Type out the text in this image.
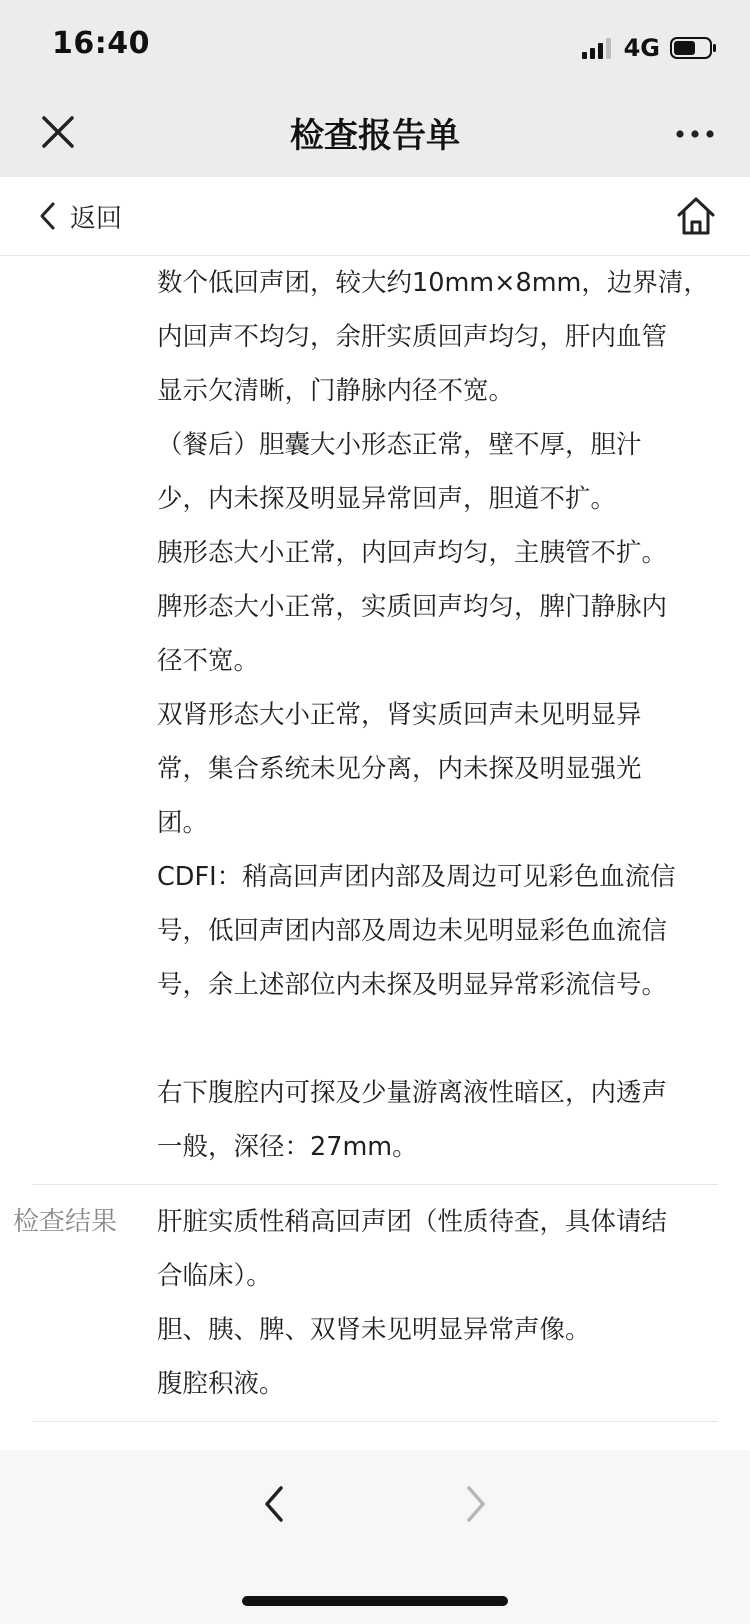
16:40	4G
检查报告单
返回
数个低回声团，较大约10mm×8mm，边界清，
内回声不均匀，余肝实质回声均匀，肝内血管
显示欠清晰，门静脉内径不宽。
（餐后）胆囊大小形态正常，壁不厚，胆汁
少，内未探及明显异常回声，胆道不扩。
胰形态大小正常，内回声均匀，主胰管不扩。
脾形态大小正常，实质回声均匀，脾门静脉内
径不宽。
双肾形态大小正常，肾实质回声未见明显异
常，集合系统未见分离，内未探及明显强光
团。
CDFI：稍高回声团内部及周边可见彩色血流信
号，低回声团内部及周边未见明显彩色血流信
号，余上述部位内未探及明显异常彩流信号。
右下腹腔内可探及少量游离液性暗区，内透声
一般，深径：27mm。
检查结果 肝脏实质性稍高回声团（性质待查，具体请结
合临床）。
胆、胰、脾、双肾未见明显异常声像。
腹腔积液。
